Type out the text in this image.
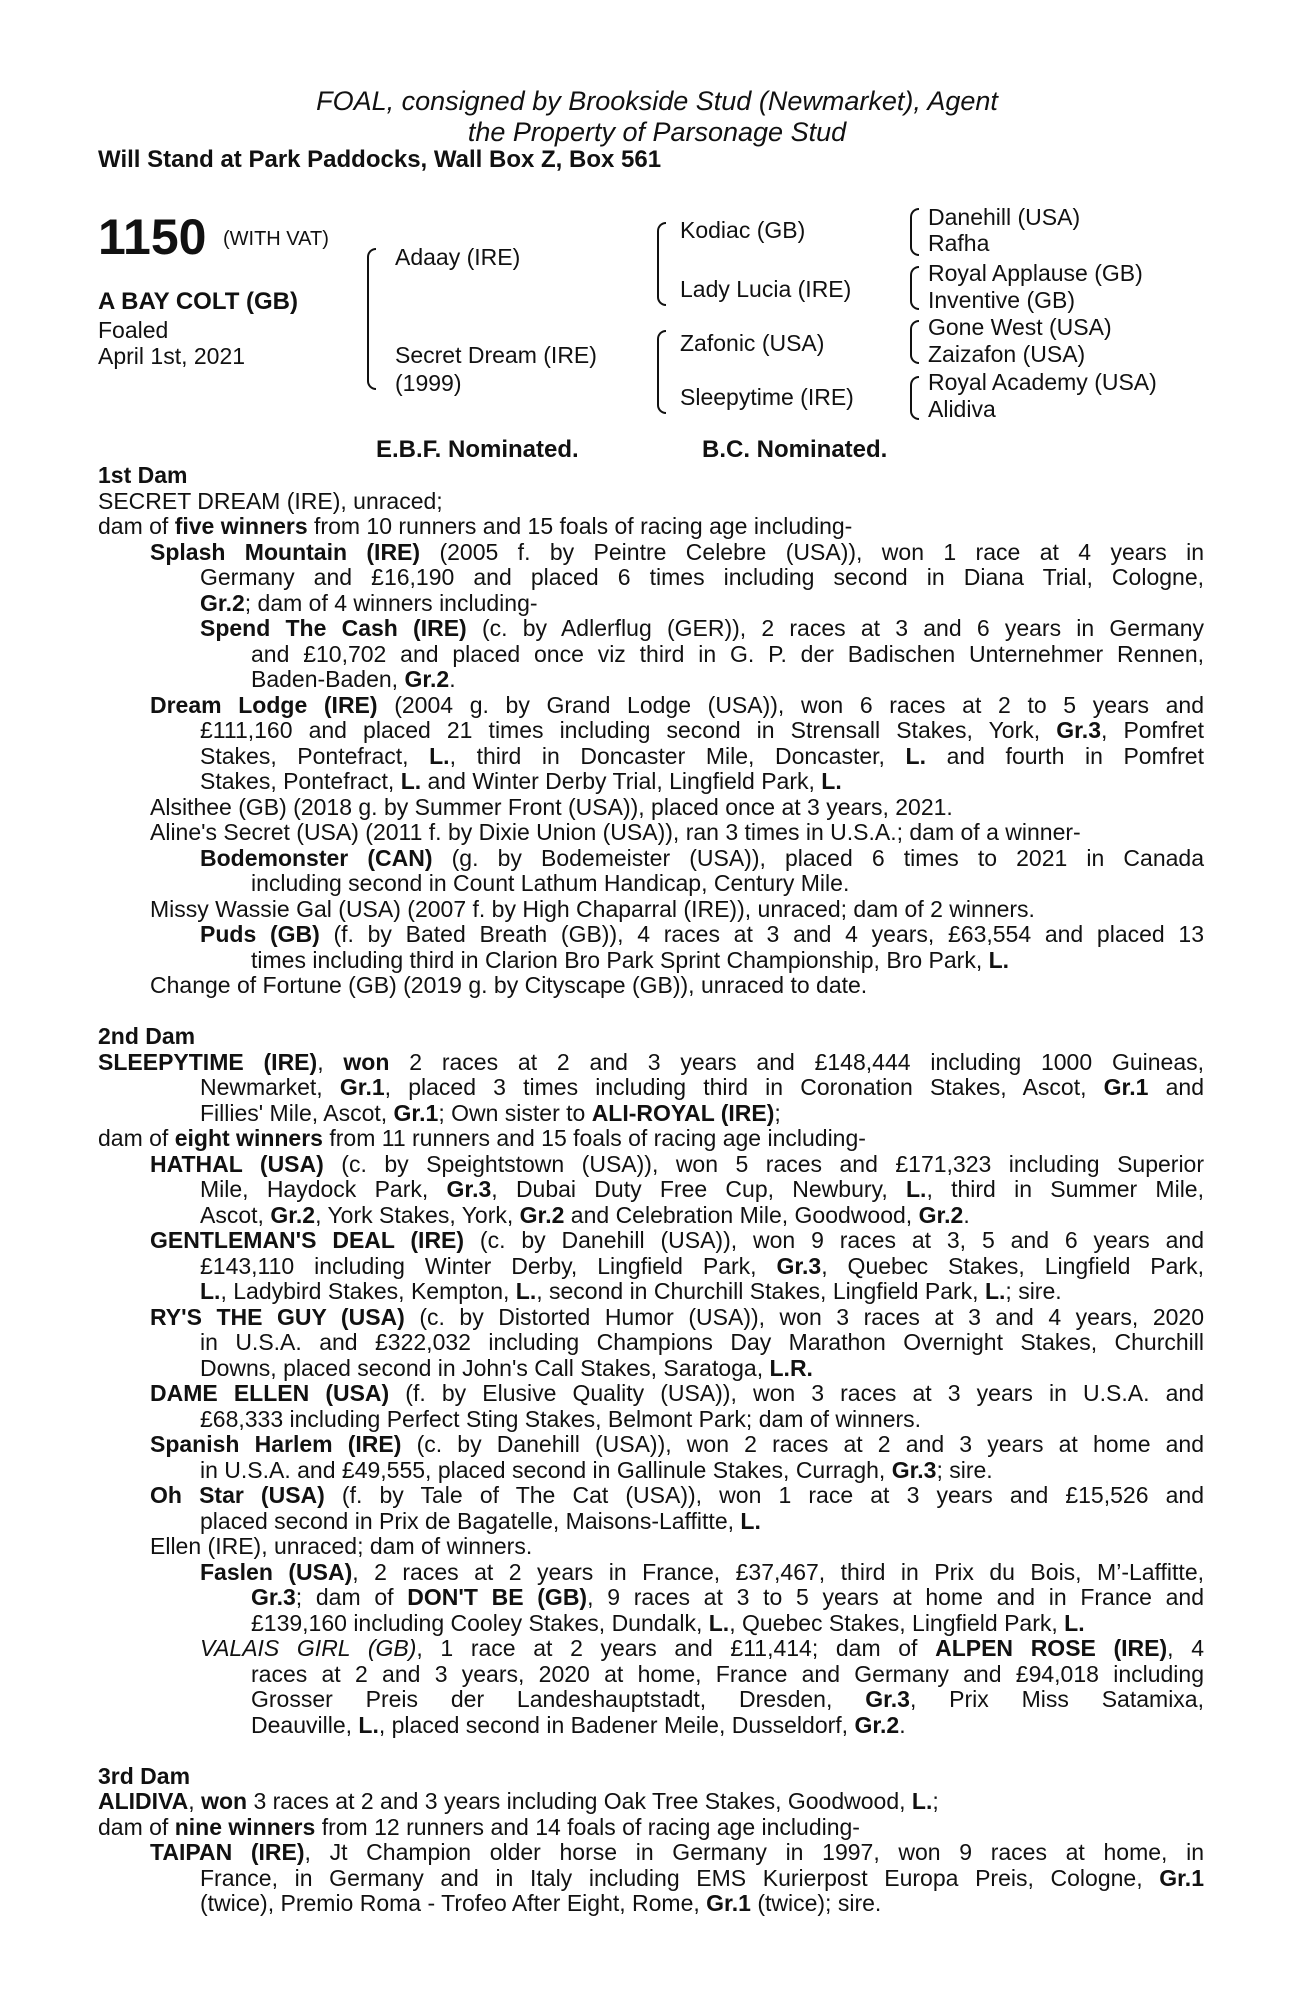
FOAL, consigned by Brookside Stud (Newmarket), Agent
the Property of Parsonage Stud
Will Stand at Park Paddocks, Wall Box Z, Box 561
1150 (WITH VAT)
A BAY COLT (GB)
Foaled
April 1st, 2021
Adaay (IRE)
Secret Dream (IRE)
(1999)
Kodiac (GB)
Lady Lucia (IRE)
Zafonic (USA)
Sleepytime (IRE)
Danehill (USA)
Rafha
Royal Applause (GB)
Inventive (GB)
Gone West (USA)
Zaizafon (USA)
Royal Academy (USA)
Alidiva
E.B.F. Nominated.	B.C. Nominated.
1st Dam
SECRET DREAM (IRE), unraced;
dam of five winners from 10 runners and 15 foals of racing age including-
Splash Mountain (IRE) (2005 f. by Peintre Celebre (USA)), won 1 race at 4 years in
Germany and £16,190 and placed 6 times including second in Diana Trial, Cologne,
Gr.2; dam of 4 winners including-
Spend The Cash (IRE) (c. by Adlerflug (GER)), 2 races at 3 and 6 years in Germany
and £10,702 and placed once viz third in G. P. der Badischen Unternehmer Rennen,
Baden-Baden, Gr.2.
Dream Lodge (IRE) (2004 g. by Grand Lodge (USA)), won 6 races at 2 to 5 years and
£111,160 and placed 21 times including second in Strensall Stakes, York, Gr.3, Pomfret
Stakes, Pontefract, L., third in Doncaster Mile, Doncaster, L. and fourth in Pomfret
Stakes, Pontefract, L. and Winter Derby Trial, Lingfield Park, L.
Alsithee (GB) (2018 g. by Summer Front (USA)), placed once at 3 years, 2021.
Aline's Secret (USA) (2011 f. by Dixie Union (USA)), ran 3 times in U.S.A.; dam of a winner-
Bodemonster (CAN) (g. by Bodemeister (USA)), placed 6 times to 2021 in Canada
including second in Count Lathum Handicap, Century Mile.
Missy Wassie Gal (USA) (2007 f. by High Chaparral (IRE)), unraced; dam of 2 winners.
Puds (GB) (f. by Bated Breath (GB)), 4 races at 3 and 4 years, £63,554 and placed 13
times including third in Clarion Bro Park Sprint Championship, Bro Park, L.
Change of Fortune (GB) (2019 g. by Cityscape (GB)), unraced to date.
2nd Dam
SLEEPYTIME (IRE), won 2 races at 2 and 3 years and £148,444 including 1000 Guineas,
Newmarket, Gr.1, placed 3 times including third in Coronation Stakes, Ascot, Gr.1 and
Fillies' Mile, Ascot, Gr.1; Own sister to ALI-ROYAL (IRE);
dam of eight winners from 11 runners and 15 foals of racing age including-
HATHAL (USA) (c. by Speightstown (USA)), won 5 races and £171,323 including Superior
Mile, Haydock Park, Gr.3, Dubai Duty Free Cup, Newbury, L., third in Summer Mile,
Ascot, Gr.2, York Stakes, York, Gr.2 and Celebration Mile, Goodwood, Gr.2.
GENTLEMAN'S DEAL (IRE) (c. by Danehill (USA)), won 9 races at 3, 5 and 6 years and
£143,110 including Winter Derby, Lingfield Park, Gr.3, Quebec Stakes, Lingfield Park,
L., Ladybird Stakes, Kempton, L., second in Churchill Stakes, Lingfield Park, L.; sire.
RY'S THE GUY (USA) (c. by Distorted Humor (USA)), won 3 races at 3 and 4 years, 2020
in U.S.A. and £322,032 including Champions Day Marathon Overnight Stakes, Churchill
Downs, placed second in John's Call Stakes, Saratoga, L.R.
DAME ELLEN (USA) (f. by Elusive Quality (USA)), won 3 races at 3 years in U.S.A. and
£68,333 including Perfect Sting Stakes, Belmont Park; dam of winners.
Spanish Harlem (IRE) (c. by Danehill (USA)), won 2 races at 2 and 3 years at home and
in U.S.A. and £49,555, placed second in Gallinule Stakes, Curragh, Gr.3; sire.
Oh Star (USA) (f. by Tale of The Cat (USA)), won 1 race at 3 years and £15,526 and
placed second in Prix de Bagatelle, Maisons-Laffitte, L.
Ellen (IRE), unraced; dam of winners.
Faslen (USA), 2 races at 2 years in France, £37,467, third in Prix du Bois, M’-Laffitte,
Gr.3; dam of DON'T BE (GB), 9 races at 3 to 5 years at home and in France and
£139,160 including Cooley Stakes, Dundalk, L., Quebec Stakes, Lingfield Park, L.
VALAIS GIRL (GB), 1 race at 2 years and £11,414; dam of ALPEN ROSE (IRE), 4
races at 2 and 3 years, 2020 at home, France and Germany and £94,018 including
Grosser Preis der Landeshauptstadt, Dresden, Gr.3, Prix Miss Satamixa,
Deauville, L., placed second in Badener Meile, Dusseldorf, Gr.2.
3rd Dam
ALIDIVA, won 3 races at 2 and 3 years including Oak Tree Stakes, Goodwood, L.;
dam of nine winners from 12 runners and 14 foals of racing age including-
TAIPAN (IRE), Jt Champion older horse in Germany in 1997, won 9 races at home, in
France, in Germany and in Italy including EMS Kurierpost Europa Preis, Cologne, Gr.1
(twice), Premio Roma - Trofeo After Eight, Rome, Gr.1 (twice); sire.
